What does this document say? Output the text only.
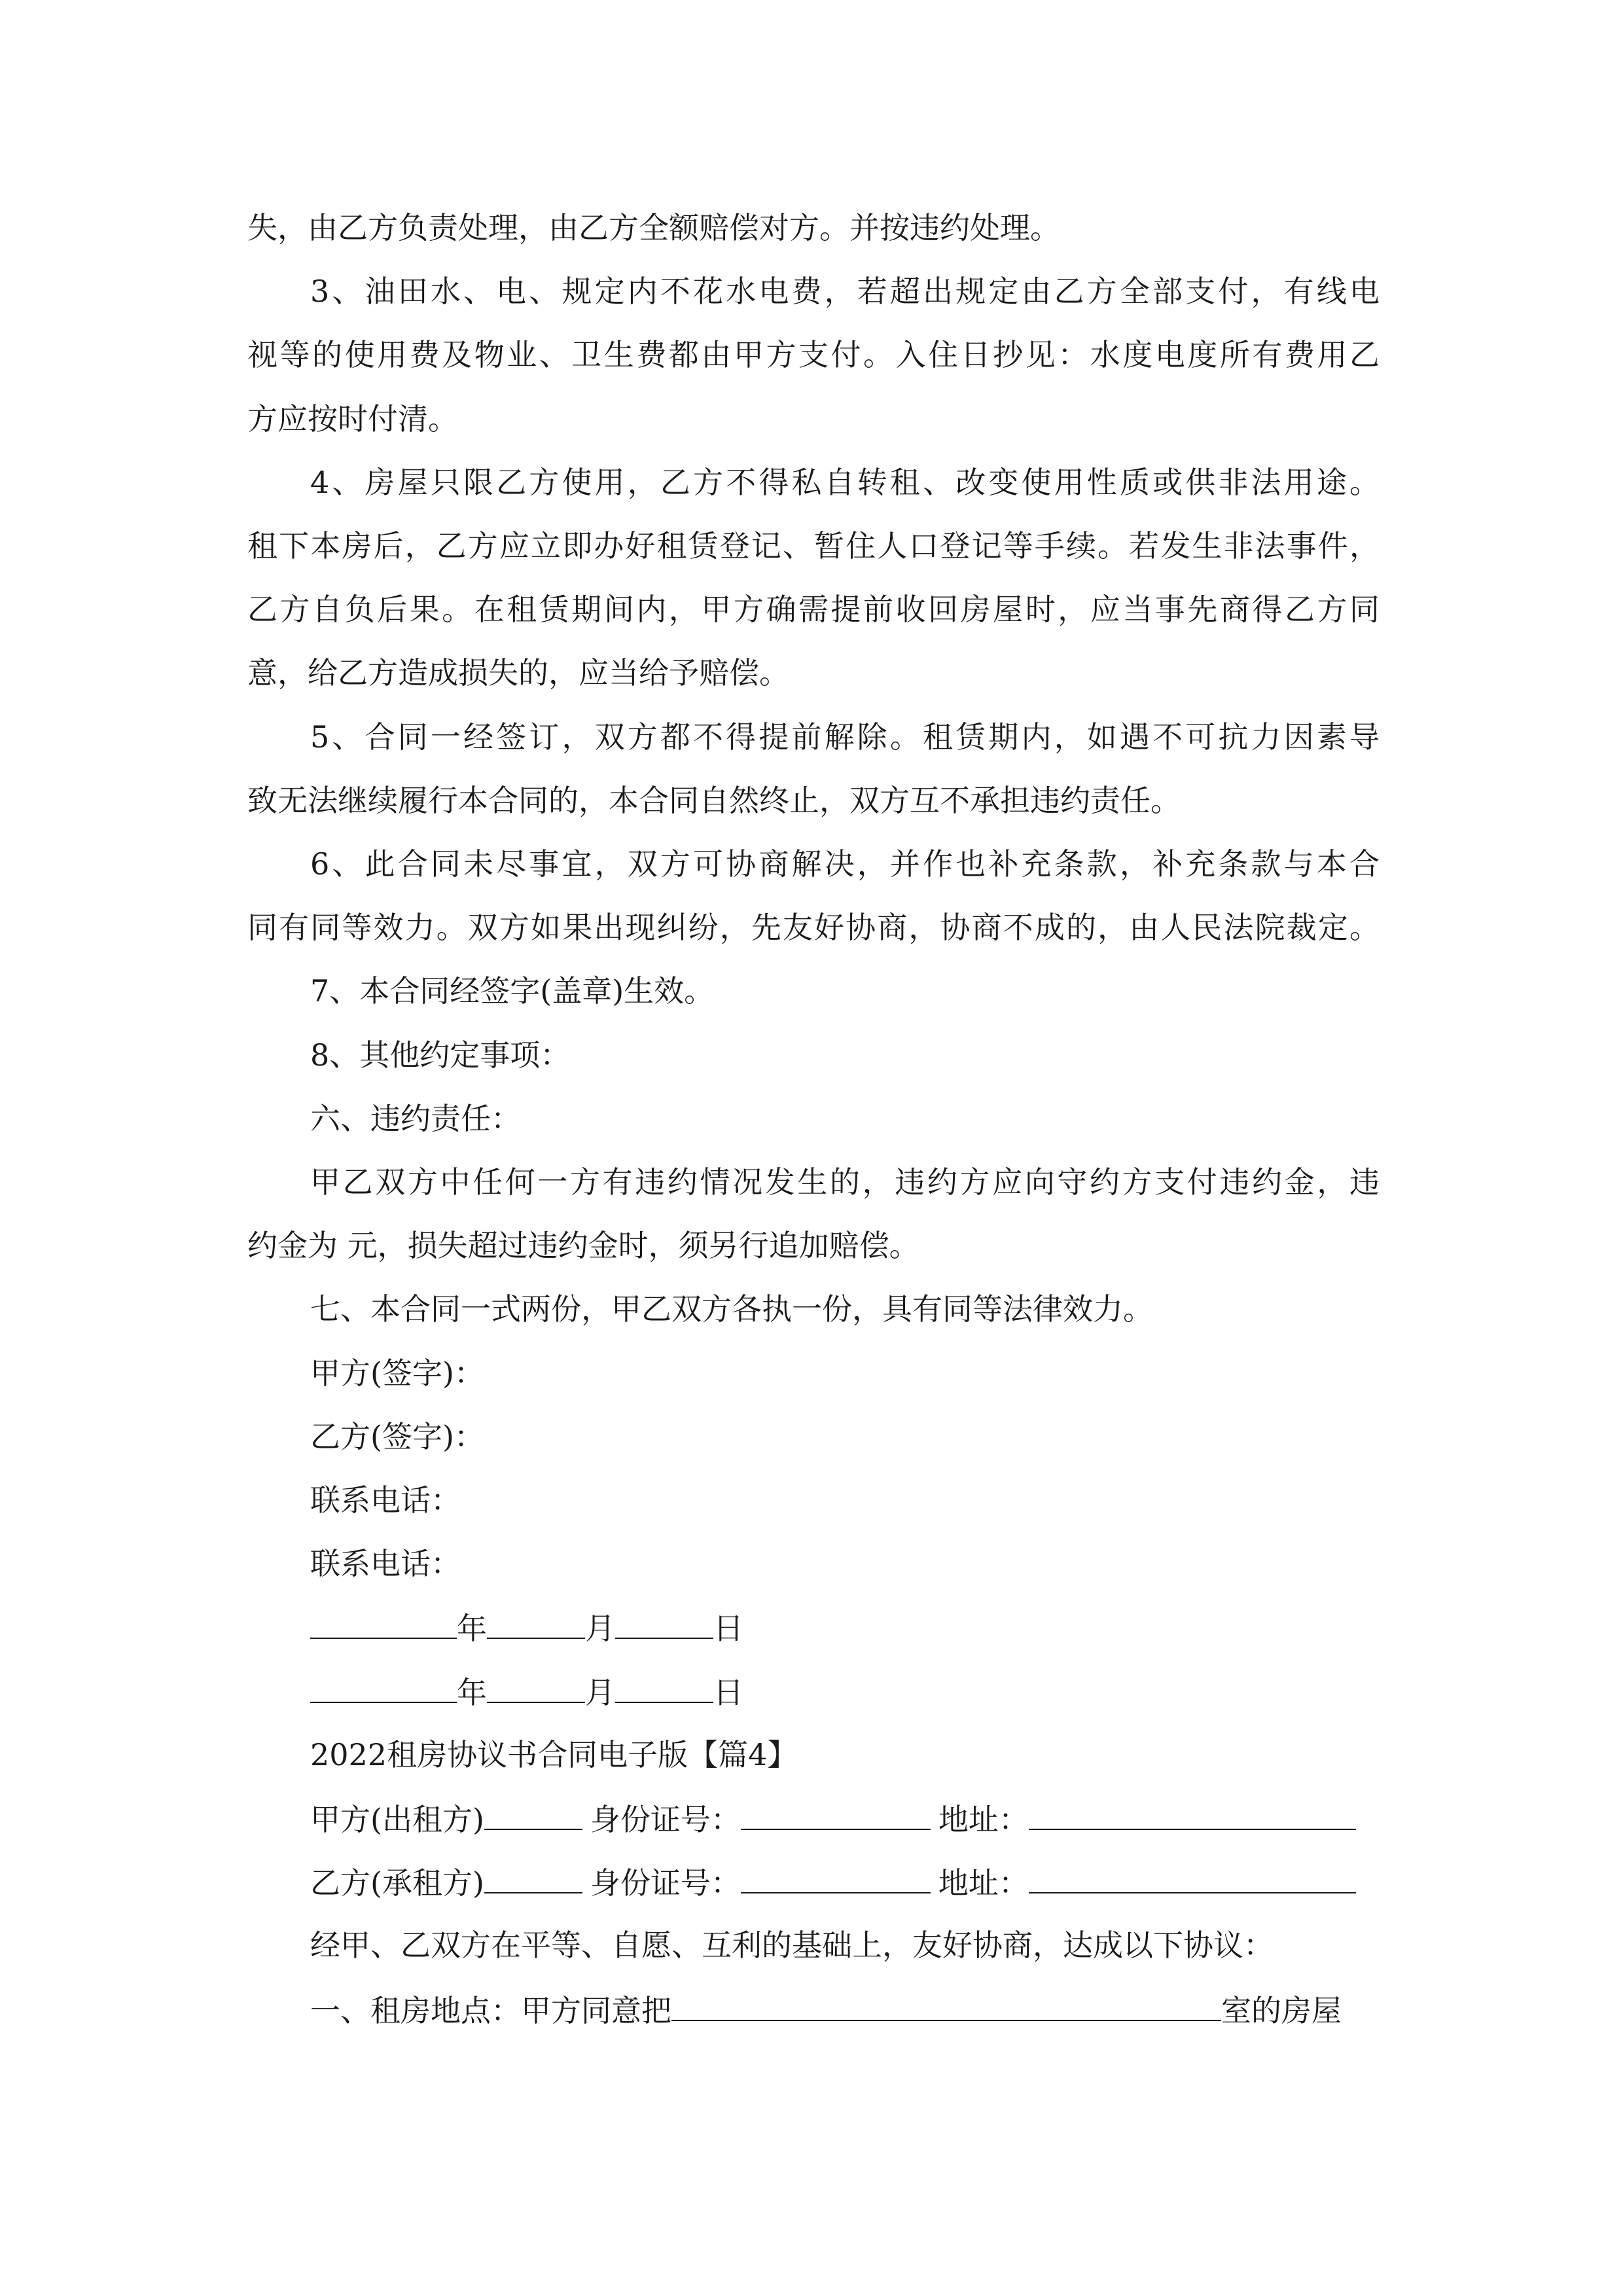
失，由乙方负责处理，由乙方全额赔偿对方。并按违约处理。
3、油田水、电、规定内不花水电费，若超出规定由乙方全部支付，有线电
视等的使用费及物业、卫生费都由甲方支付。入住日抄见：水度电度所有费用乙
方应按时付清。
4、房屋只限乙方使用，乙方不得私自转租、改变使用性质或供非法用途。
租下本房后，乙方应立即办好租赁登记、暂住人口登记等手续。若发生非法事件，
乙方自负后果。在租赁期间内，甲方确需提前收回房屋时，应当事先商得乙方同
意，给乙方造成损失的，应当给予赔偿。
5、合同一经签订，双方都不得提前解除。租赁期内，如遇不可抗力因素导
致无法继续履行本合同的，本合同自然终止，双方互不承担违约责任。
6、此合同未尽事宜，双方可协商解决，并作也补充条款，补充条款与本合
同有同等效力。双方如果出现纠纷，先友好协商，协商不成的，由人民法院裁定。
7、本合同经签字(盖章)生效。
8、其他约定事项：
六、违约责任：
甲乙双方中任何一方有违约情况发生的，违约方应向守约方支付违约金，违
约金为 元，损失超过违约金时，须另行追加赔偿。
七、本合同一式两份，甲乙双方各执一份，具有同等法律效力。
甲方(签字)：
乙方(签字)：
联系电话：
联系电话：
年	月	日
年	月	日
2022租房协议书合同电子版【篇4】
甲方(出租方)	身份证号：	地址：
乙方(承租方)	身份证号：	地址：
经甲、乙双方在平等、自愿、互利的基础上，友好协商，达成以下协议：
一、租房地点：甲方同意把	室的房屋
